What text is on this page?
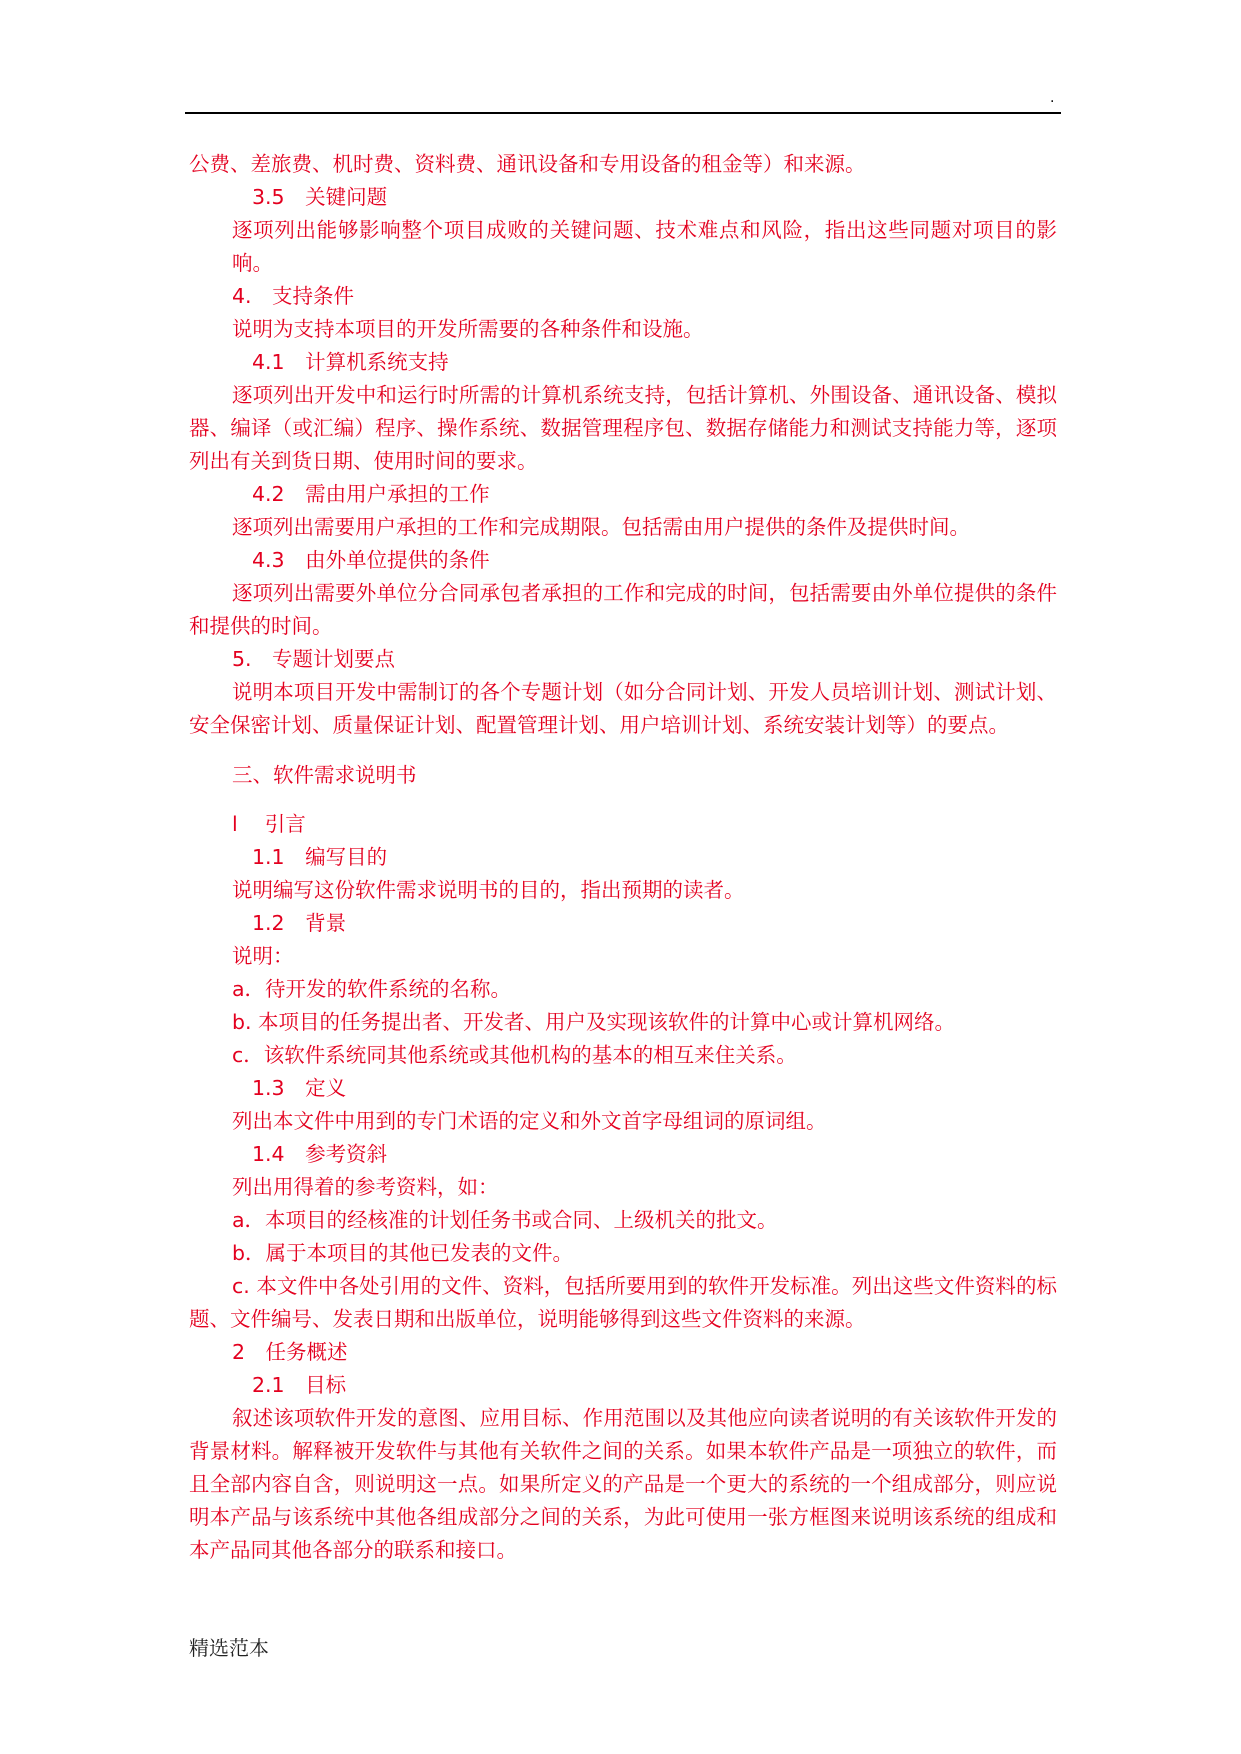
.
公费、差旅费、机时费、资料费、通讯设备和专用设备的租金等）和来源。
3.5　关键问题
逐项列出能够影响整个项目成败的关键问题、技术难点和风险，指出这些同题对项目的影响。
4.　支持条件
说明为支持本项目的开发所需要的各种条件和设施。
4.1　计算机系统支持
逐项列出开发中和运行时所需的计算机系统支持，包括计算机、外围设备、通讯设备、模拟器、编译（或汇编）程序、操作系统、数据管理程序包、数据存储能力和测试支持能力等，逐项列出有关到货日期、使用时间的要求。
4.2　需由用户承担的工作
逐项列出需要用户承担的工作和完成期限。包括需由用户提供的条件及提供时间。
4.3　由外单位提供的条件
逐项列出需要外单位分合同承包者承担的工作和完成的时间，包括需要由外单位提供的条件和提供的时间。
5.　专题计划要点
说明本项目开发中需制订的各个专题计划（如分合同计划、开发人员培训计划、测试计划、安全保密计划、质量保证计划、配置管理计划、用户培训计划、系统安装计划等）的要点。
三、软件需求说明书
l　 引言
1.1　编写目的
说明编写这份软件需求说明书的目的，指出预期的读者。
1.2　背景
说明：
a．待开发的软件系统的名称。
b. 本项目的任务提出者、开发者、用户及实现该软件的计算中心或计算机网络。
c．该软件系统同其他系统或其他机构的基本的相互来住关系。
1.3　定义
列出本文件中用到的专门术语的定义和外文首字母组词的原词组。
1.4　参考资斜
列出用得着的参考资料，如：
a．本项目的经核准的计划任务书或合同、上级机关的批文。
b．属于本项目的其他已发表的文件。
c. 本文件中各处引用的文件、资料，包括所要用到的软件开发标准。列出这些文件资料的标题、文件编号、发表日期和出版单位，说明能够得到这些文件资料的来源。
2　任务概述
2.1　目标
叙述该项软件开发的意图、应用目标、作用范围以及其他应向读者说明的有关该软件开发的背景材料。解释被开发软件与其他有关软件之间的关系。如果本软件产品是一项独立的软件，而且全部内容自含，则说明这一点。如果所定义的产品是一个更大的系统的一个组成部分，则应说明本产品与该系统中其他各组成部分之间的关系，为此可使用一张方框图来说明该系统的组成和本产品同其他各部分的联系和接口。
精选范本
